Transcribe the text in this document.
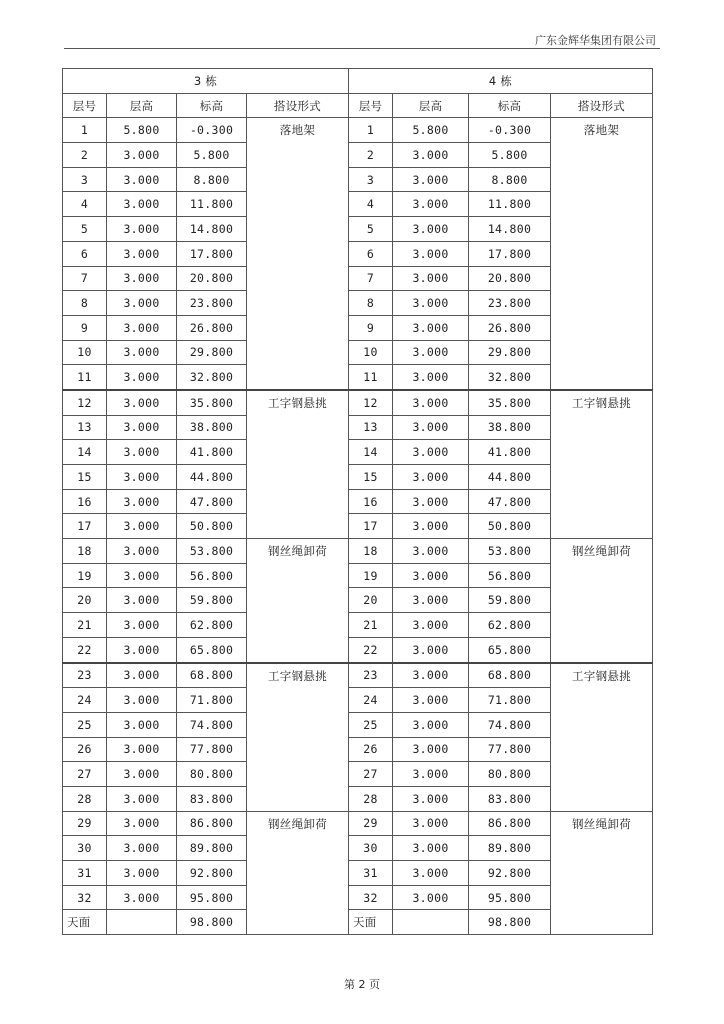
广东金辉华集团有限公司
3 栋				4 栋			
层号	层高	标高	搭设形式	层号	层高	标高	搭设形式
1	5.800	-0.300	落地架	1	5.800	-0.300	落地架
2	3.000	5.800		2	3.000	5.800	
3	3.000	8.800		3	3.000	8.800	
4	3.000	11.800		4	3.000	11.800	
5	3.000	14.800		5	3.000	14.800	
6	3.000	17.800		6	3.000	17.800	
7	3.000	20.800		7	3.000	20.800	
8	3.000	23.800		8	3.000	23.800	
9	3.000	26.800		9	3.000	26.800	
10	3.000	29.800		10	3.000	29.800	
11	3.000	32.800		11	3.000	32.800	
12	3.000	35.800	工字钢悬挑	12	3.000	35.800	工字钢悬挑
13	3.000	38.800		13	3.000	38.800	
14	3.000	41.800		14	3.000	41.800	
15	3.000	44.800		15	3.000	44.800	
16	3.000	47.800		16	3.000	47.800	
17	3.000	50.800		17	3.000	50.800	
18	3.000	53.800	钢丝绳卸荷	18	3.000	53.800	钢丝绳卸荷
19	3.000	56.800		19	3.000	56.800	
20	3.000	59.800		20	3.000	59.800	
21	3.000	62.800		21	3.000	62.800	
22	3.000	65.800		22	3.000	65.800	
23	3.000	68.800	工字钢悬挑	23	3.000	68.800	工字钢悬挑
24	3.000	71.800		24	3.000	71.800	
25	3.000	74.800		25	3.000	74.800	
26	3.000	77.800		26	3.000	77.800	
27	3.000	80.800		27	3.000	80.800	
28	3.000	83.800		28	3.000	83.800	
29	3.000	86.800	钢丝绳卸荷	29	3.000	86.800	钢丝绳卸荷
30	3.000	89.800		30	3.000	89.800	
31	3.000	92.800		31	3.000	92.800	
32	3.000	95.800		32	3.000	95.800	
天面		98.800		天面		98.800	
第 2 页
